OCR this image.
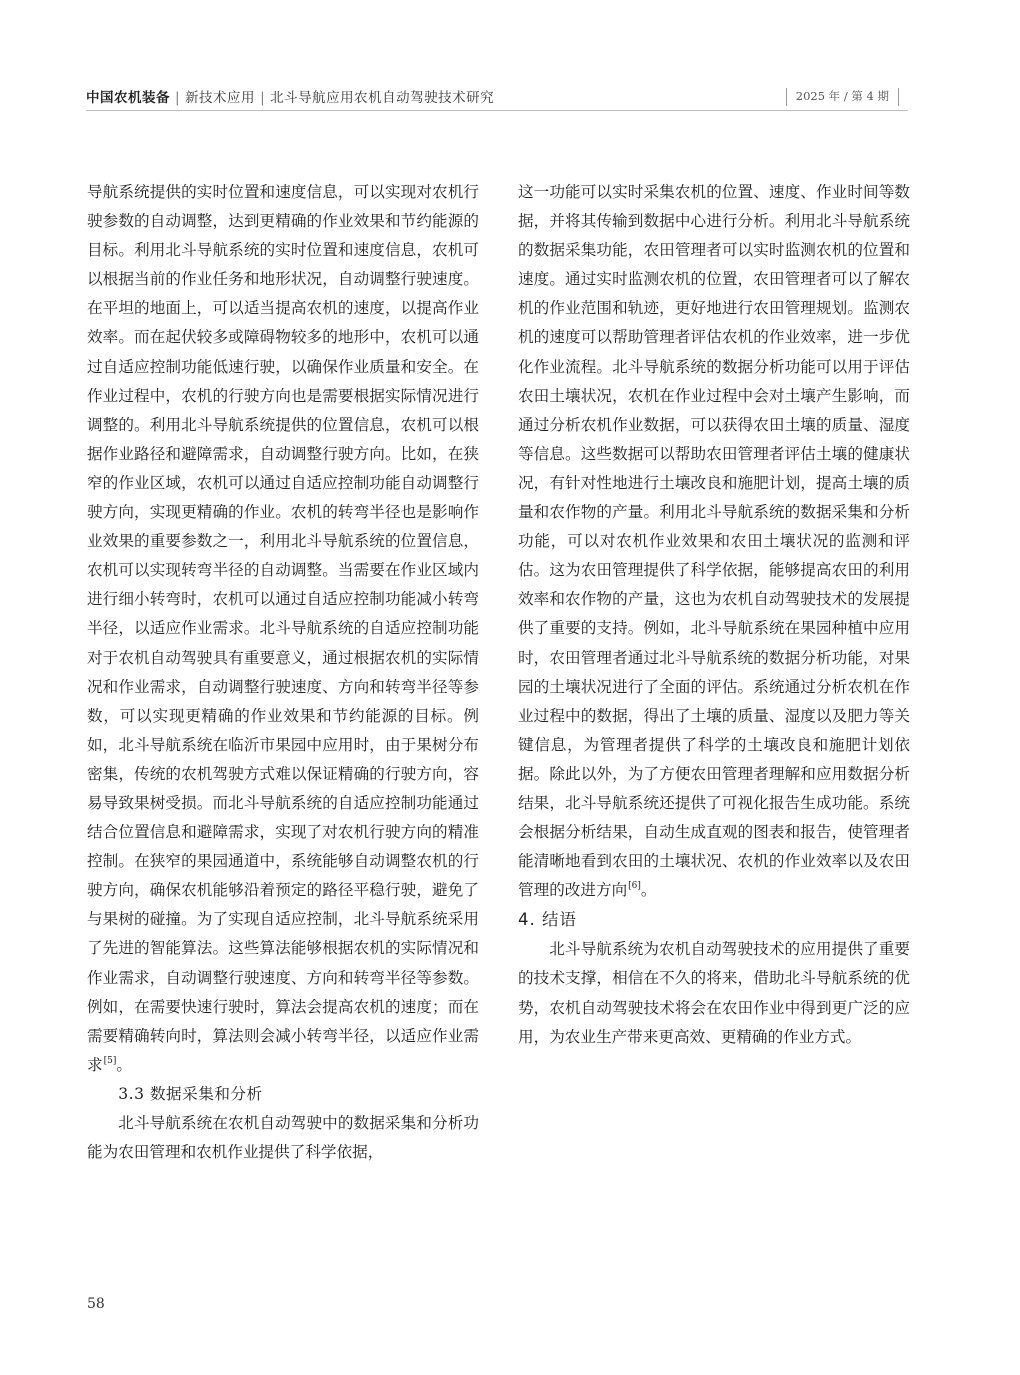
中国农机装备 | 新技术应用 | 北斗导航应用农机自动驾驶技术研究	2025 年 / 第 4 期

导航系统提供的实时位置和速度信息，可以实现对农机行驶参数的自动调整，达到更精确的作业效果和节约能源的目标。利用北斗导航系统的实时位置和速度信息，农机可以根据当前的作业任务和地形状况，自动调整行驶速度。在平坦的地面上，可以适当提高农机的速度，以提高作业效率。而在起伏较多或障碍物较多的地形中，农机可以通过自适应控制功能低速行驶，以确保作业质量和安全。在作业过程中，农机的行驶方向也是需要根据实际情况进行调整的。利用北斗导航系统提供的位置信息，农机可以根据作业路径和避障需求，自动调整行驶方向。比如，在狭窄的作业区域，农机可以通过自适应控制功能自动调整行驶方向，实现更精确的作业。农机的转弯半径也是影响作业效果的重要参数之一，利用北斗导航系统的位置信息，农机可以实现转弯半径的自动调整。当需要在作业区域内进行细小转弯时，农机可以通过自适应控制功能减小转弯半径，以适应作业需求。北斗导航系统的自适应控制功能对于农机自动驾驶具有重要意义，通过根据农机的实际情况和作业需求，自动调整行驶速度、方向和转弯半径等参数，可以实现更精确的作业效果和节约能源的目标。例如，北斗导航系统在临沂市果园中应用时，由于果树分布密集，传统的农机驾驶方式难以保证精确的行驶方向，容易导致果树受损。而北斗导航系统的自适应控制功能通过结合位置信息和避障需求，实现了对农机行驶方向的精准控制。在狭窄的果园通道中，系统能够自动调整农机的行驶方向，确保农机能够沿着预定的路径平稳行驶，避免了与果树的碰撞。为了实现自适应控制，北斗导航系统采用了先进的智能算法。这些算法能够根据农机的实际情况和作业需求，自动调整行驶速度、方向和转弯半径等参数。例如，在需要快速行驶时，算法会提高农机的速度；而在需要精确转向时，算法则会减小转弯半径，以适应作业需求[5]。

3.3 数据采集和分析

北斗导航系统在农机自动驾驶中的数据采集和分析功能为农田管理和农机作业提供了科学依据，

这一功能可以实时采集农机的位置、速度、作业时间等数据，并将其传输到数据中心进行分析。利用北斗导航系统的数据采集功能，农田管理者可以实时监测农机的位置和速度。通过实时监测农机的位置，农田管理者可以了解农机的作业范围和轨迹，更好地进行农田管理规划。监测农机的速度可以帮助管理者评估农机的作业效率，进一步优化作业流程。北斗导航系统的数据分析功能可以用于评估农田土壤状况，农机在作业过程中会对土壤产生影响，而通过分析农机作业数据，可以获得农田土壤的质量、湿度等信息。这些数据可以帮助农田管理者评估土壤的健康状况，有针对性地进行土壤改良和施肥计划，提高土壤的质量和农作物的产量。利用北斗导航系统的数据采集和分析功能，可以对农机作业效果和农田土壤状况的监测和评估。这为农田管理提供了科学依据，能够提高农田的利用效率和农作物的产量，这也为农机自动驾驶技术的发展提供了重要的支持。例如，北斗导航系统在果园种植中应用时，农田管理者通过北斗导航系统的数据分析功能，对果园的土壤状况进行了全面的评估。系统通过分析农机在作业过程中的数据，得出了土壤的质量、湿度以及肥力等关键信息，为管理者提供了科学的土壤改良和施肥计划依据。除此以外，为了方便农田管理者理解和应用数据分析结果，北斗导航系统还提供了可视化报告生成功能。系统会根据分析结果，自动生成直观的图表和报告，使管理者能清晰地看到农田的土壤状况、农机的作业效率以及农田管理的改进方向[6]。

4. 结语

北斗导航系统为农机自动驾驶技术的应用提供了重要的技术支撑，相信在不久的将来，借助北斗导航系统的优势，农机自动驾驶技术将会在农田作业中得到更广泛的应用，为农业生产带来更高效、更精确的作业方式。

58
